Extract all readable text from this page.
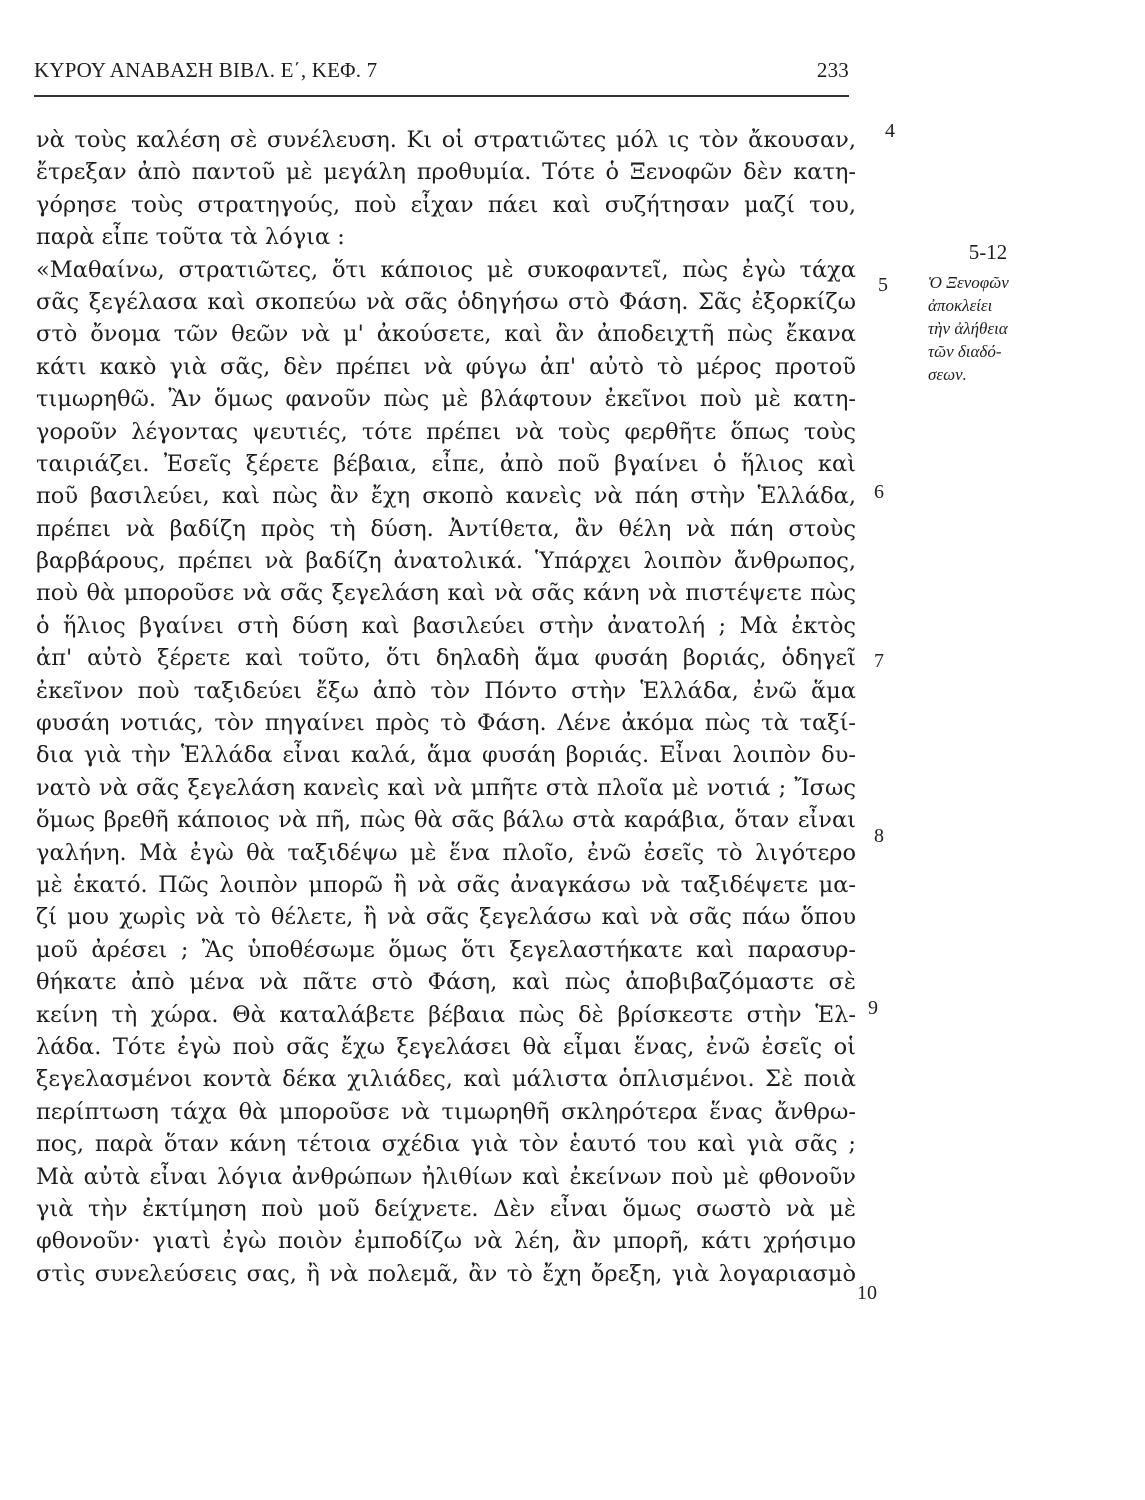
ΚΥΡΟΥ ΑΝΑΒΑΣΗ ΒΙΒΛ. Ε΄, ΚΕΦ. 7	233
νὰ τοὺς καλέση σὲ συνέλευση. Κι οἱ στρατιῶτες μόλ ις τὸν ἄκουσαν,
ἔτρεξαν ἀπὸ παντοῦ μὲ μεγάλη προθυμία. Τότε ὁ Ξενοφῶν δὲν κατη-
γόρησε τοὺς στρατηγούς, ποὺ εἶχαν πάει καὶ συζήτησαν μαζί του,
παρὰ εἶπε τοῦτα τὰ λόγια :
«Μαθαίνω, στρατιῶτες, ὅτι κάποιος μὲ συκοφαντεῖ, πὼς ἐγὼ τάχα
σᾶς ξεγέλασα καὶ σκοπεύω νὰ σᾶς ὁδηγήσω στὸ Φάση. Σᾶς ἐξορκίζω
στὸ ὄνομα τῶν θεῶν νὰ μ' ἀκούσετε, καὶ ἂν ἀποδειχτῆ πὼς ἔκανα
κάτι κακὸ γιὰ σᾶς, δὲν πρέπει νὰ φύγω ἀπ' αὐτὸ τὸ μέρος προτοῦ
τιμωρηθῶ. Ἂν ὅμως φανοῦν πὼς μὲ βλάφτουν ἐκεῖνοι ποὺ μὲ κατη-
γοροῦν λέγοντας ψευτιές, τότε πρέπει νὰ τοὺς φερθῆτε ὅπως τοὺς
ταιριάζει. Ἐσεῖς ξέρετε βέβαια, εἶπε, ἀπὸ ποῦ βγαίνει ὁ ἥλιος καὶ
ποῦ βασιλεύει, καὶ πὼς ἂν ἔχη σκοπὸ κανεὶς νὰ πάη στὴν Ἑλλάδα,
πρέπει νὰ βαδίζη πρὸς τὴ δύση. Ἀντίθετα, ἂν θέλη νὰ πάη στοὺς
βαρβάρους, πρέπει νὰ βαδίζη ἀνατολικά. Ὑπάρχει λοιπὸν ἄνθρωπος,
ποὺ θὰ μποροῦσε νὰ σᾶς ξεγελάση καὶ νὰ σᾶς κάνη νὰ πιστέψετε πὼς
ὁ ἥλιος βγαίνει στὴ δύση καὶ βασιλεύει στὴν ἀνατολή ; Μὰ ἐκτὸς
ἀπ' αὐτὸ ξέρετε καὶ τοῦτο, ὅτι δηλαδὴ ἅμα φυσάη βοριάς, ὁδηγεῖ
ἐκεῖνον ποὺ ταξιδεύει ἔξω ἀπὸ τὸν Πόντο στὴν Ἑλλάδα, ἐνῶ ἅμα
φυσάη νοτιάς, τὸν πηγαίνει πρὸς τὸ Φάση. Λένε ἀκόμα πὼς τὰ ταξί-
δια γιὰ τὴν Ἑλλάδα εἶναι καλά, ἅμα φυσάη βοριάς. Εἶναι λοιπὸν δυ-
νατὸ νὰ σᾶς ξεγελάση κανεὶς καὶ νὰ μπῆτε στὰ πλοῖα μὲ νοτιά ; Ἴσως
ὅμως βρεθῆ κάποιος νὰ πῆ, πὼς θὰ σᾶς βάλω στὰ καράβια, ὅταν εἶναι
γαλήνη. Μὰ ἐγὼ θὰ ταξιδέψω μὲ ἕνα πλοῖο, ἐνῶ ἐσεῖς τὸ λιγότερο
μὲ ἑκατό. Πῶς λοιπὸν μπορῶ ἢ νὰ σᾶς ἀναγκάσω νὰ ταξιδέψετε μα-
ζί μου χωρὶς νὰ τὸ θέλετε, ἢ νὰ σᾶς ξεγελάσω καὶ νὰ σᾶς πάω ὅπου
μοῦ ἀρέσει ; Ἂς ὑποθέσωμε ὅμως ὅτι ξεγελαστήκατε καὶ παρασυρ-
θήκατε ἀπὸ μένα νὰ πᾶτε στὸ Φάση, καὶ πὼς ἀποβιβαζόμαστε σὲ
κείνη τὴ χώρα. Θὰ καταλάβετε βέβαια πὼς δὲ βρίσκεστε στὴν Ἑλ-
λάδα. Τότε ἐγὼ ποὺ σᾶς ἔχω ξεγελάσει θὰ εἶμαι ἕνας, ἐνῶ ἐσεῖς οἱ
ξεγελασμένοι κοντὰ δέκα χιλιάδες, καὶ μάλιστα ὁπλισμένοι. Σὲ ποιὰ
περίπτωση τάχα θὰ μποροῦσε νὰ τιμωρηθῆ σκληρότερα ἕνας ἄνθρω-
πος, παρὰ ὅταν κάνη τέτοια σχέδια γιὰ τὸν ἑαυτό του καὶ γιὰ σᾶς ;
Μὰ αὐτὰ εἶναι λόγια ἀνθρώπων ἠλιθίων καὶ ἐκείνων ποὺ μὲ φθονοῦν
γιὰ τὴν ἐκτίμηση ποὺ μοῦ δείχνετε. Δὲν εἶναι ὅμως σωστὸ νὰ μὲ
φθονοῦν· γιατὶ ἐγὼ ποιὸν ἐμποδίζω νὰ λέη, ἂν μπορῆ, κάτι χρήσιμο
στὶς συνελεύσεις σας, ἢ νὰ πολεμᾶ, ἂν τὸ ἔχη ὄρεξη, γιὰ λογαριασμὸ
4
5
6
7
8
9
10
5-12
Ὁ Ξενοφῶν
ἀποκλείει
τὴν ἀλήθεια
τῶν διαδό-
σεων.
